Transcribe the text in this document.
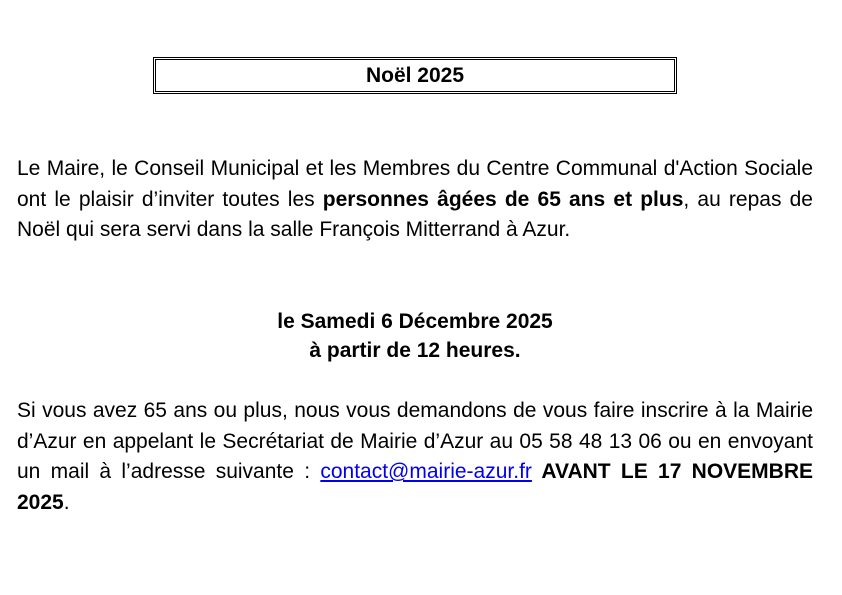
Noël 2025
Le Maire, le Conseil Municipal et les Membres du Centre Communal d'Action Sociale ont le plaisir d’inviter toutes les personnes âgées de 65 ans et plus, au repas de Noël qui sera servi dans la salle François Mitterrand à Azur.
le Samedi 6 Décembre 2025
à partir de 12 heures.
Si vous avez 65 ans ou plus, nous vous demandons de vous faire inscrire à la Mairie d’Azur en appelant le Secrétariat de Mairie d’Azur au 05 58 48 13 06 ou en envoyant un mail à l’adresse suivante : contact@mairie-azur.fr AVANT LE 17 NOVEMBRE 2025.
